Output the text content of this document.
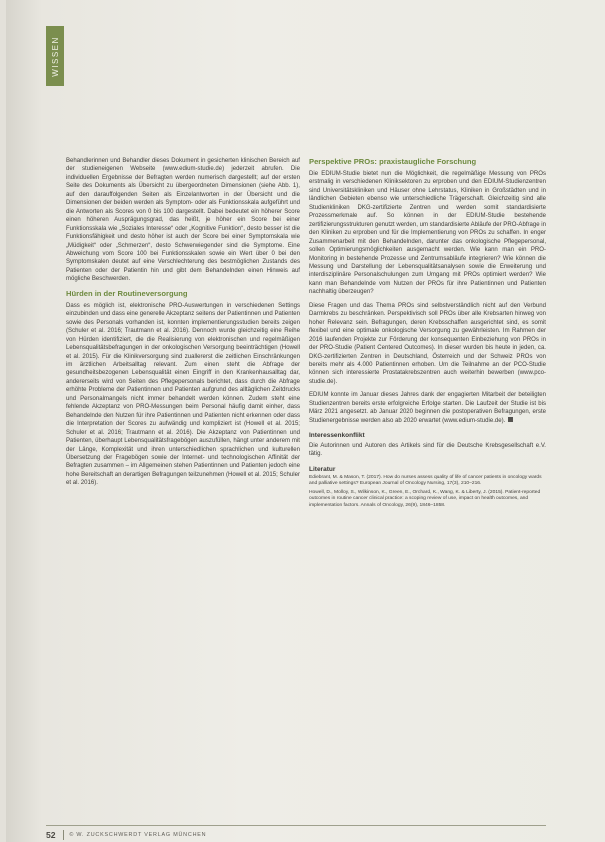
WISSEN

Behandlerinnen und Behandler dieses Dokument in gesicherten klinischen Bereich auf der studieneigenen Webseite (www.edium-studie.de) jederzeit abrufen. Die individuellen Ergebnisse der Befragten werden numerisch dargestellt; auf der ersten Seite des Dokuments als Übersicht zu übergeordneten Dimensionen (siehe Abb. 1), auf den darauffolgenden Seiten als Einzelantworten in der Übersicht und die Dimensionen der beiden werden als Symptom- oder als Funktionsskala aufgeführt und die Antworten als Scores von 0 bis 100 dargestellt. Dabei bedeutet ein höherer Score einen höheren Ausprägungsgrad, das heißt, je höher ein Score bei einer Funktionsskala wie „Soziales Interesse“ oder „Kognitive Funktion“, desto besser ist die Funktionsfähigkeit und desto höher ist auch der Score bei einer Symptomskala wie „Müdigkeit“ oder „Schmerzen“, desto Schwerwiegender sind die Symptome. Eine Abweichung vom Score 100 bei Funktionsskalen sowie ein Wert über 0 bei den Symptomskalen deutet auf eine Verschlechterung des bestmöglichen Zustands des Patienten oder der Patientin hin und gibt dem Behandelnden einen Hinweis auf mögliche Beschwerden.

Hürden in der Routineversorgung

Dass es möglich ist, elektronische PRO-Auswertungen in verschiedenen Settings einzubinden und dass eine generelle Akzeptanz seitens der Patientinnen und Patienten sowie des Personals vorhanden ist, konnten implementierungsstudien bereits zeigen (Schuler et al. 2016; Trautmann et al. 2016). Dennoch wurde gleichzeitig eine Reihe von Hürden identifiziert, die die Realisierung von elektronischen und regelmäßigen Lebensqualitätsbefragungen in der onkologischen Versorgung beeinträchtigen (Howell et al. 2015). Für die Klinikversorgung sind zuallererst die zeitlichen Einschränkungen im ärztlichen Arbeitsalltag relevant. Zum einen steht die Abfrage der gesundheitsbezogenen Lebensqualität einen Eingriff in den Krankenhausalltag dar, andererseits wird von Seiten des Pflegepersonals berichtet, dass durch die Abfrage erhöhte Probleme der Patientinnen und Patienten aufgrund des alltäglichen Zeitdrucks und Personalmangels nicht immer behandelt werden können. Zudem steht eine fehlende Akzeptanz von PRO-Messungen beim Personal häufig damit einher, dass Behandelnde den Nutzen für ihre Patientinnen und Patienten nicht erkennen oder dass die Interpretation der Scores zu aufwändig und kompliziert ist (Howell et al. 2015; Schuler et al. 2016; Trautmann et al. 2016). Die Akzeptanz von Patientinnen und Patienten, überhaupt Lebensqualitätsfragebögen auszufüllen, hängt unter anderem mit der Länge, Komplexität und ihren unterschiedlichen sprachlichen und kulturellen Übersetzung der Fragebögen sowie der Internet- und technologischen Affinität der Befragten zusammen – im Allgemeinen stehen Patientinnen und Patienten jedoch eine hohe Bereitschaft an derartigen Befragungen teilzunehmen (Howell et al. 2015; Schuler et al. 2016).

Perspektive PROs: praxistaugliche Forschung

Die EDIUM-Studie bietet nun die Möglichkeit, die regelmäßige Messung von PROs erstmalig in verschiedenen Kliniksektoren zu erproben und den EDIUM-Studienzentren sind Universitätskliniken und Häuser ohne Lehrstatus, Kliniken in Großstädten und in ländlichen Gebieten ebenso wie unterschiedliche Trägerschaft. Gleichzeitig sind alle Studienkliniken DKG-zertifizierte Zentren und werden somit standardisierte Prozessmerkmale auf. So können in der EDIUM-Studie bestehende zertifizierungsstrukturen genutzt werden, um standardisierte Abläufe der PRO-Abfrage in den Kliniken zu erproben und für die Implementierung von PROs zu schaffen. In enger Zusammenarbeit mit den Behandelnden, darunter das onkologische Pflegepersonal, sollen Optimierungsmöglichkeiten ausgemacht werden. Wie kann man ein PRO-Monitoring in bestehende Prozesse und Zentrumsabläufe integrieren? Wie können die Messung und Darstellung der Lebensqualitätsanalysen sowie die Erweiterung und interdisziplinäre Personalschulungen zum Umgang mit PROs optimiert werden? Wie kann man Behandelnde vom Nutzen der PROs für ihre Patientinnen und Patienten nachhaltig überzeugen?

Diese Fragen und das Thema PROs sind selbstverständlich nicht auf den Verbund Darmkrebs zu beschränken. Perspektivisch soll PROs über alle Krebsarten hinweg von hoher Relevanz sein. Befragungen, deren Krebsschaffen ausgerichtet sind, es somit flexibel und eine optimale onkologische Versorgung zu gewährleisten. Im Rahmen der 2016 laufenden Projekte zur Förderung der konsequenten Einbeziehung von PROs in der PRO-Studie (Patient Centered Outcomes). In dieser wurden bis heute in jeden, ca. DKG-zertifizierten Zentren in Deutschland, Österreich und der Schweiz PROs von bereits mehr als 4.000 Patientinnen erhoben. Um die Teilnahme an der PCO-Studie können sich interessierte Prostatakrebszentren auch weiterhin bewerben (www.pco-studie.de).

EDIUM konnte im Januar dieses Jahres dank der engagierten Mitarbeit der beteiligten Studienzentren bereits erste erfolgreiche Erfolge starten. Die Laufzeit der Studie ist bis März 2021 angesetzt. ab Januar 2020 beginnen die postoperativen Befragungen, erste Studienergebnisse werden also ab 2020 erwartet (www.edium-studie.de).

Interessenkonflikt

Die Autorinnen und Autoren des Artikels sind für die Deutsche Krebsgesellschaft e.V. tätig.

Literatur
Ediebrant, M. & Mason, T. (2017). How do nurses assess quality of life of cancer patients in oncology wards and palliative settings? European Journal of Oncology Nursing, 17(3), 210–216.
Howell, D., Molloy, S., Wilkinson, K., Green, E., Orchard, K., Wang, K. & Liberty, J. (2015). Patient-reported outcomes in routine cancer clinical practice: a scoping review of use, impact on health outcomes, and implementation factors. Annals of Oncology, 26(9), 1846–1858.
52	© W. ZUCKSCHWERDT VERLAG MÜNCHEN
